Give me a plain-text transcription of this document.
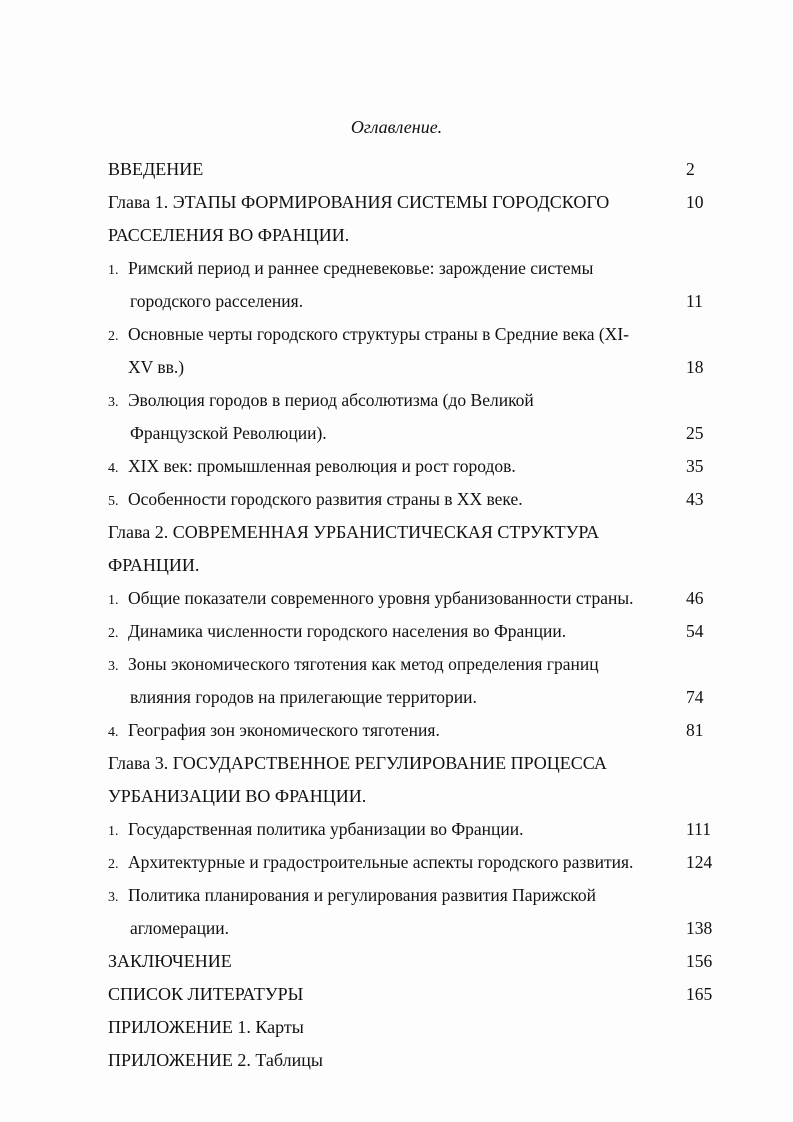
Оглавление.
ВВЕДЕНИЕ	2
Глава 1. ЭТАПЫ ФОРМИРОВАНИЯ СИСТЕМЫ ГОРОДСКОГО	10
РАССЕЛЕНИЯ ВО ФРАНЦИИ.
1. Римский период и раннее средневековье: зарождение системы
городского расселения.	11
2. Основные черты городского структуры страны в Средние века (XI-
XV вв.)	18
3. Эволюция городов в период абсолютизма (до Великой
Французской Революции).	25
4. XIX век: промышленная революция и рост городов.	35
5. Особенности городского развития страны в XX веке.	43
Глава 2. СОВРЕМЕННАЯ УРБАНИСТИЧЕСКАЯ СТРУКТУРА
ФРАНЦИИ.
1. Общие показатели современного уровня урбанизованности страны.	46
2. Динамика численности городского населения во Франции.	54
3. Зоны экономического тяготения как метод определения границ
влияния городов на прилегающие территории.	74
4. География зон экономического тяготения.	81
Глава 3. ГОСУДАРСТВЕННОЕ РЕГУЛИРОВАНИЕ ПРОЦЕССА
УРБАНИЗАЦИИ ВО ФРАНЦИИ.
1. Государственная политика урбанизации во Франции.	111
2. Архитектурные и градостроительные аспекты городского развития.	124
3. Политика планирования и регулирования развития Парижской
агломерации.	138
ЗАКЛЮЧЕНИЕ	156
СПИСОК ЛИТЕРАТУРЫ	165
ПРИЛОЖЕНИЕ 1. Карты
ПРИЛОЖЕНИЕ 2. Таблицы
